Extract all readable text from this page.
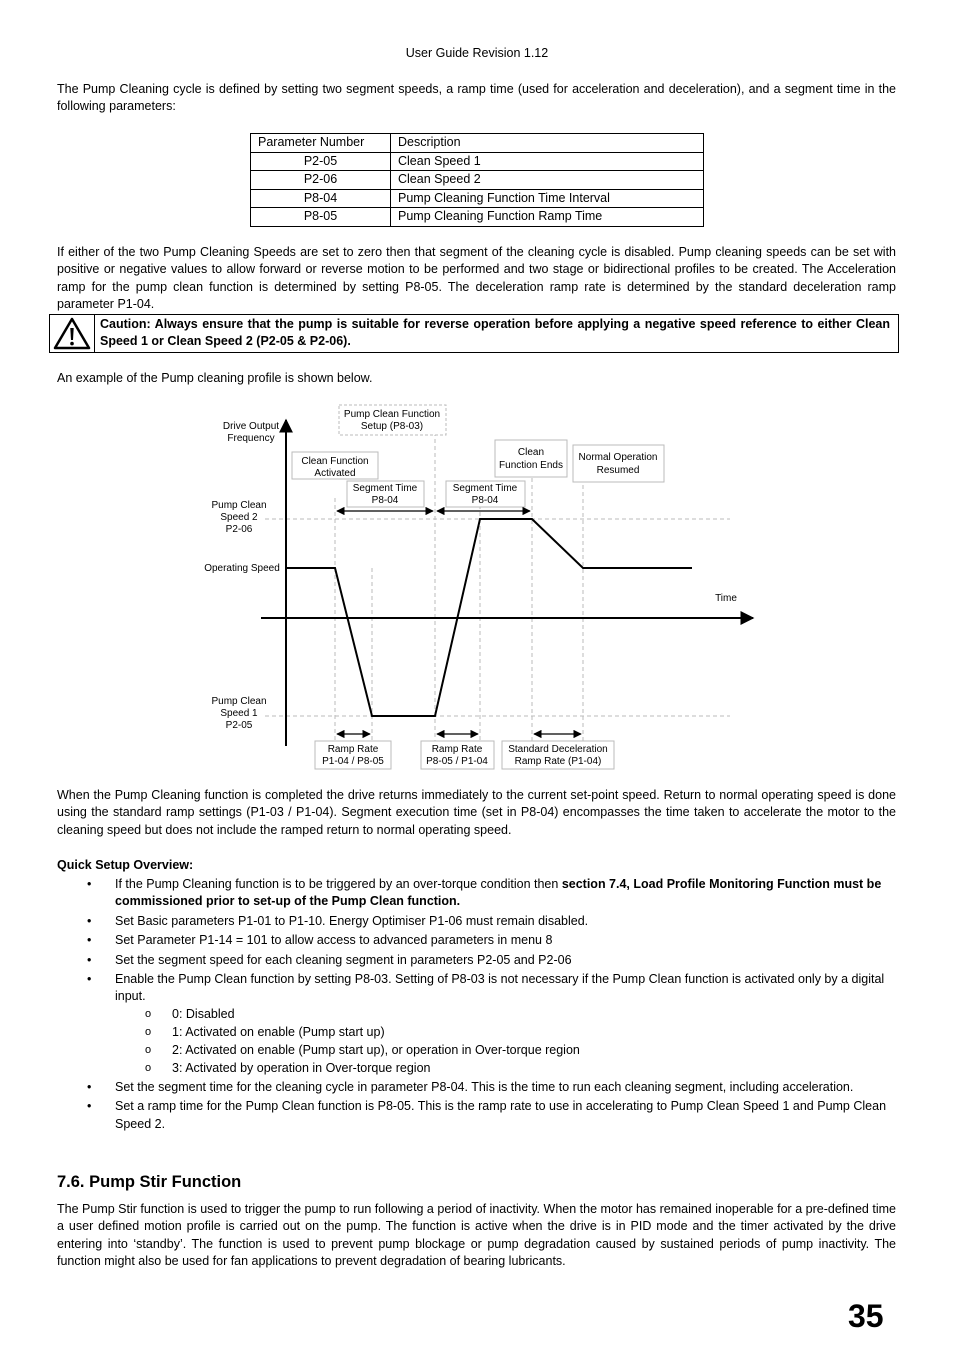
User Guide Revision 1.12
The Pump Cleaning cycle is defined by setting two segment speeds, a ramp time (used for acceleration and deceleration), and a segment time in the following parameters:
Parameter Number	Description
P2-05	Clean Speed 1
P2-06	Clean Speed 2
P8-04	Pump Cleaning Function Time Interval
P8-05	Pump Cleaning Function Ramp Time
If either of the two Pump Cleaning Speeds are set to zero then that segment of the cleaning cycle is disabled. Pump cleaning speeds can be set with positive or negative values to allow forward or reverse motion to be performed and two stage or bidirectional profiles to be created. The Acceleration ramp for the pump clean function is determined by setting P8-05. The deceleration ramp rate is determined by the standard deceleration ramp parameter P1-04.
Caution: Always ensure that the pump is suitable for reverse operation before applying a negative speed reference to either Clean Speed 1 or Clean Speed 2 (P2-05 & P2-06).
An example of the Pump cleaning profile is shown below.
Drive Output
Frequency
Time
Pump Clean
Speed 2
P2-06
Operating Speed
Pump Clean
Speed 1
P2-05
Pump Clean Function
Setup (P8-03)
Clean Function
Activated
Segment Time
P8-04
Segment Time
P8-04
Clean
Function Ends
Normal Operation
Resumed
Ramp Rate
P1-04 / P8-05
Ramp Rate
P8-05 / P1-04
Standard Deceleration
Ramp Rate (P1-04)
When the Pump Cleaning function is completed the drive returns immediately to the current set-point speed. Return to normal operating speed is done using the standard ramp settings (P1-03 / P1-04). Segment execution time (set in P8-04) encompasses the time taken to accelerate the motor to the cleaning speed but does not include the ramped return to normal operating speed.
Quick Setup Overview:
• If the Pump Cleaning function is to be triggered by an over-torque condition then section 7.4, Load Profile Monitoring Function must be commissioned prior to set-up of the Pump Clean function.
• Set Basic parameters P1-01 to P1-10. Energy Optimiser P1-06 must remain disabled.
• Set Parameter P1-14 = 101 to allow access to advanced parameters in menu 8
• Set the segment speed for each cleaning segment in parameters P2-05 and P2-06
• Enable the Pump Clean function by setting P8-03. Setting of P8-03 is not necessary if the Pump Clean function is activated only by a digital input.
o 0: Disabled
o 1: Activated on enable (Pump start up)
o 2: Activated on enable (Pump start up), or operation in Over-torque region
o 3: Activated by operation in Over-torque region
• Set the segment time for the cleaning cycle in parameter P8-04. This is the time to run each cleaning segment, including acceleration.
• Set a ramp time for the Pump Clean function is P8-05. This is the ramp rate to use in accelerating to Pump Clean Speed 1 and Pump Clean Speed 2.
7.6. Pump Stir Function
The Pump Stir function is used to trigger the pump to run following a period of inactivity. When the motor has remained inoperable for a pre-defined time a user defined motion profile is carried out on the pump. The function is active when the drive is in PID mode and the timer activated by the drive entering into ‘standby’. The function is used to prevent pump blockage or pump degradation caused by sustained periods of pump inactivity. The function might also be used for fan applications to prevent degradation of bearing lubricants.
35
